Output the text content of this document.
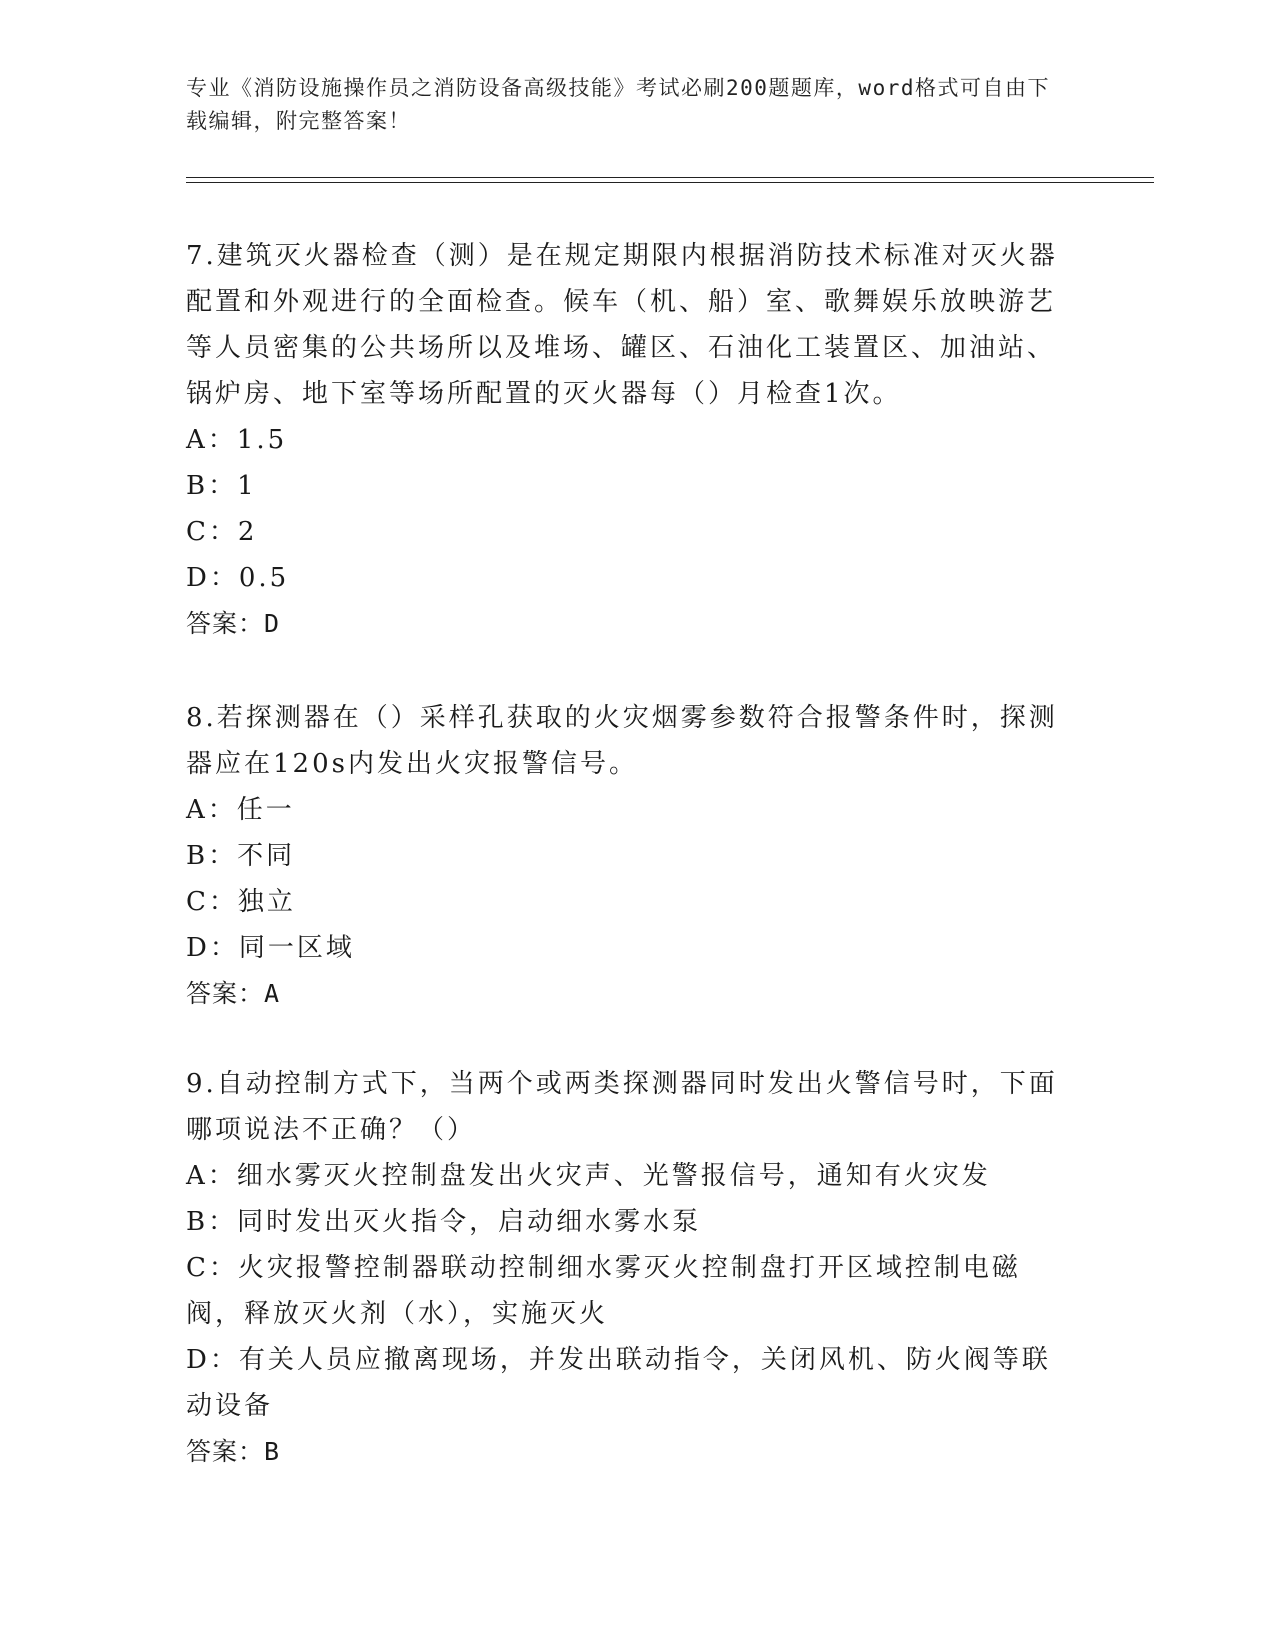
专业《消防设施操作员之消防设备高级技能》考试必刷200题题库，word格式可自由下载编辑，附完整答案！

7.建筑灭火器检查（测）是在规定期限内根据消防技术标准对灭火器配置和外观进行的全面检查。候车（机、船）室、歌舞娱乐放映游艺等人员密集的公共场所以及堆场、罐区、石油化工装置区、加油站、锅炉房、地下室等场所配置的灭火器每（）月检查1次。

A：1.5

B：1

C：2

D：0.5

答案：D

8.若探测器在（）采样孔获取的火灾烟雾参数符合报警条件时，探测器应在120s内发出火灾报警信号。

A：任一

B：不同

C：独立

D：同一区域

答案：A

9.自动控制方式下，当两个或两类探测器同时发出火警信号时，下面哪项说法不正确？（）

A：细水雾灭火控制盘发出火灾声、光警报信号，通知有火灾发

B：同时发出灭火指令，启动细水雾水泵

C：火灾报警控制器联动控制细水雾灭火控制盘打开区域控制电磁阀，释放灭火剂（水），实施灭火

D：有关人员应撤离现场，并发出联动指令，关闭风机、防火阀等联动设备

答案：B
